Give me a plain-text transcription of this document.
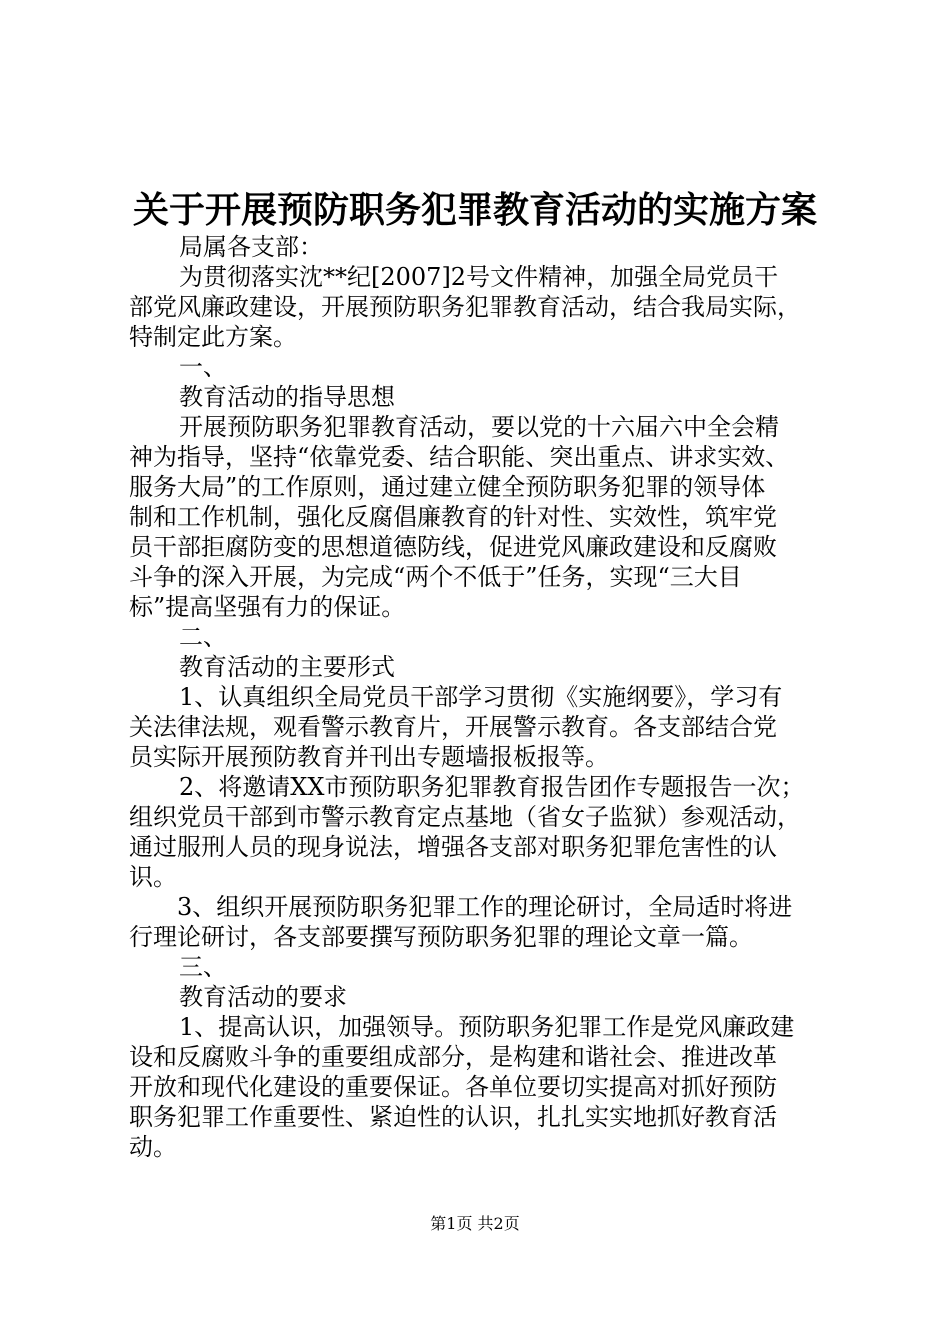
关于开展预防职务犯罪教育活动的实施方案
局属各支部：
为贯彻落实沈**纪[2007]2号文件精神，加强全局党员干
部党风廉政建设，开展预防职务犯罪教育活动，结合我局实际，
特制定此方案。
一、
教育活动的指导思想
开展预防职务犯罪教育活动，要以党的十六届六中全会精
神为指导，坚持“依靠党委、结合职能、突出重点、讲求实效、
服务大局”的工作原则，通过建立健全预防职务犯罪的领导体
制和工作机制，强化反腐倡廉教育的针对性、实效性，筑牢党
员干部拒腐防变的思想道德防线，促进党风廉政建设和反腐败
斗争的深入开展，为完成“两个不低于”任务，实现“三大目
标”提高坚强有力的保证。
二、
教育活动的主要形式
1、认真组织全局党员干部学习贯彻《实施纲要》，学习有
关法律法规，观看警示教育片，开展警示教育。各支部结合党
员实际开展预防教育并刊出专题墙报板报等。
2、将邀请XX市预防职务犯罪教育报告团作专题报告一次；
组织党员干部到市警示教育定点基地（省女子监狱）参观活动，
通过服刑人员的现身说法，增强各支部对职务犯罪危害性的认
识。
3、组织开展预防职务犯罪工作的理论研讨，全局适时将进
行理论研讨，各支部要撰写预防职务犯罪的理论文章一篇。
三、
教育活动的要求
1、提高认识，加强领导。预防职务犯罪工作是党风廉政建
设和反腐败斗争的重要组成部分，是构建和谐社会、推进改革
开放和现代化建设的重要保证。各单位要切实提高对抓好预防
职务犯罪工作重要性、紧迫性的认识，扎扎实实地抓好教育活
动。
第1页 共2页
